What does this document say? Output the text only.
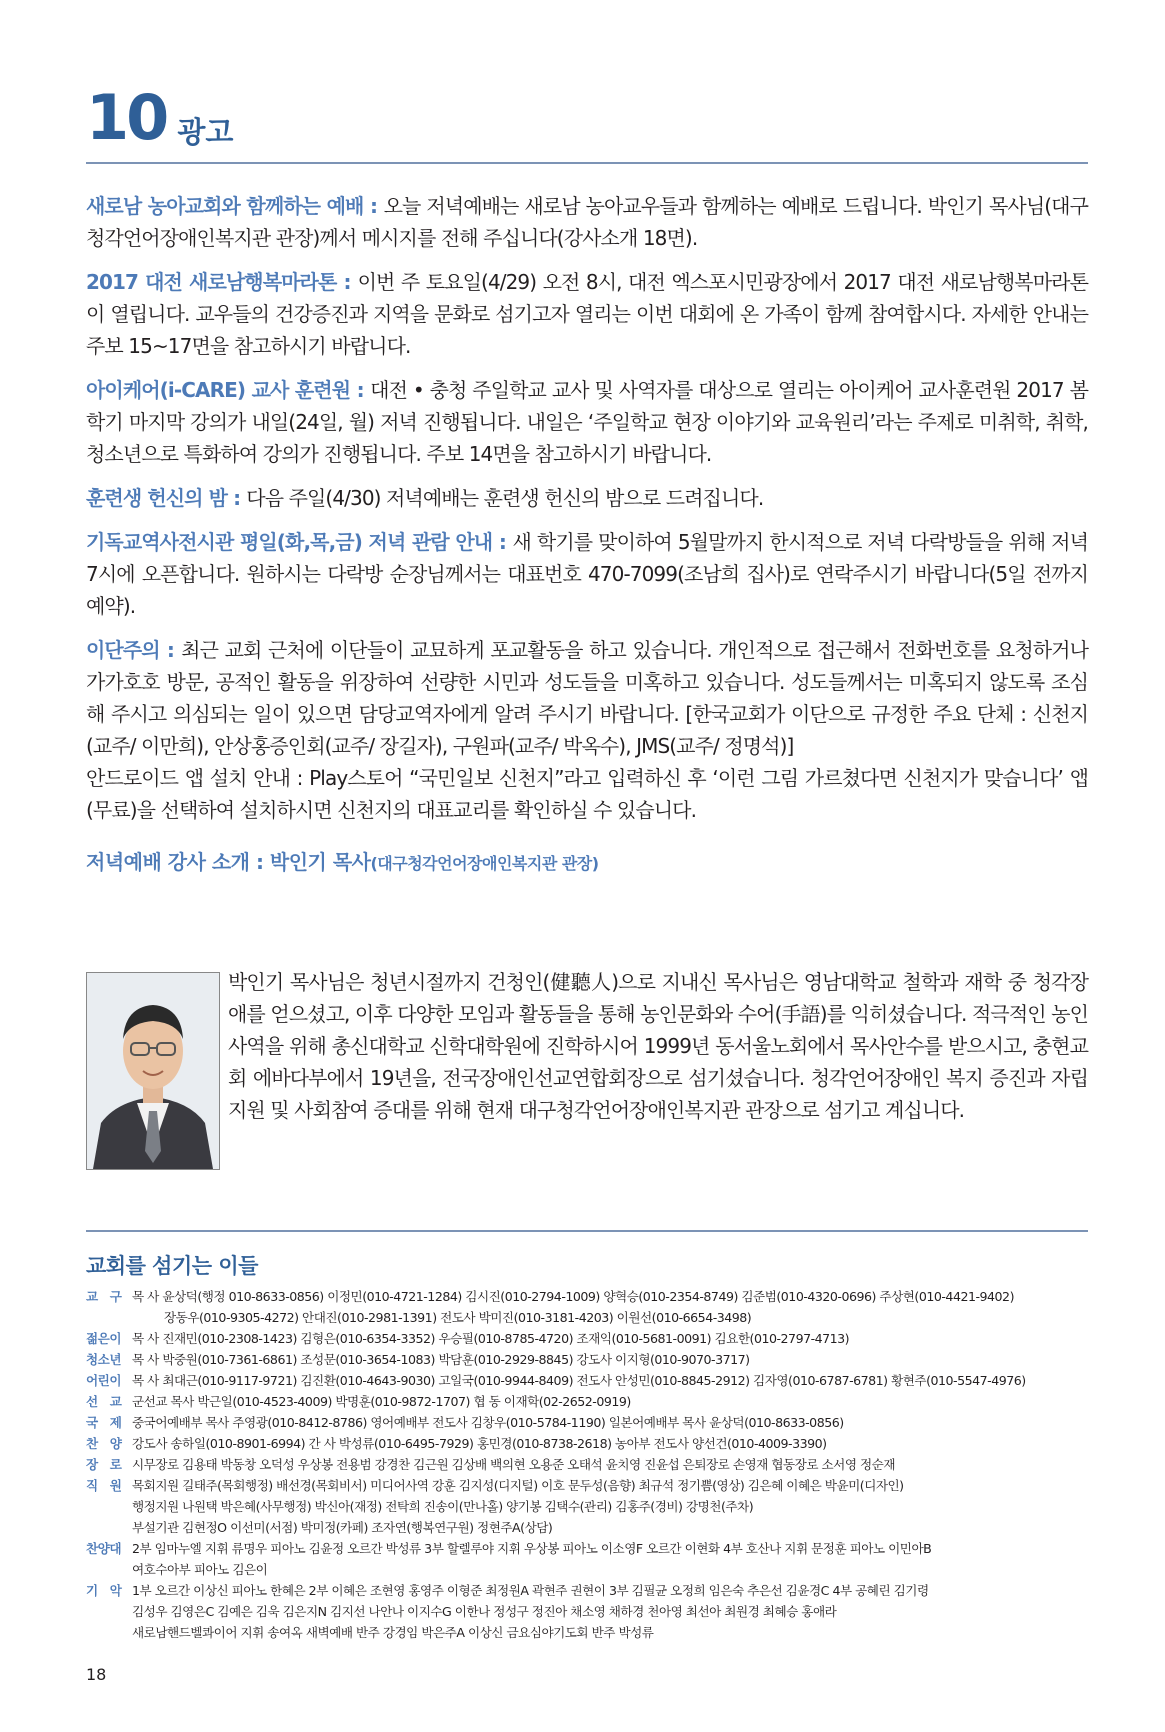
10 광고

새로남 농아교회와 함께하는 예배 : 오늘 저녁예배는 새로남 농아교우들과 함께하는 예배로 드립니다. 박인기 목사님(대구청각언어장애인복지관 관장)께서 메시지를 전해 주십니다(강사소개 18면).

2017 대전 새로남행복마라톤 : 이번 주 토요일(4/29) 오전 8시, 대전 엑스포시민광장에서 2017 대전 새로남행복마라톤이 열립니다. 교우들의 건강증진과 지역을 문화로 섬기고자 열리는 이번 대회에 온 가족이 함께 참여합시다. 자세한 안내는 주보 15~17면을 참고하시기 바랍니다.

아이케어(i-CARE) 교사 훈련원 : 대전 • 충청 주일학교 교사 및 사역자를 대상으로 열리는 아이케어 교사훈련원 2017 봄학기 마지막 강의가 내일(24일, 월) 저녁 진행됩니다. 내일은 ‘주일학교 현장 이야기와 교육원리’라는 주제로 미취학, 취학, 청소년으로 특화하여 강의가 진행됩니다. 주보 14면을 참고하시기 바랍니다.

훈련생 헌신의 밤 : 다음 주일(4/30) 저녁예배는 훈련생 헌신의 밤으로 드려집니다.

기독교역사전시관 평일(화,목,금) 저녁 관람 안내 : 새 학기를 맞이하여 5월말까지 한시적으로 저녁 다락방들을 위해 저녁 7시에 오픈합니다. 원하시는 다락방 순장님께서는 대표번호 470-7099(조남희 집사)로 연락주시기 바랍니다(5일 전까지 예약).

이단주의 : 최근 교회 근처에 이단들이 교묘하게 포교활동을 하고 있습니다. 개인적으로 접근해서 전화번호를 요청하거나 가가호호 방문, 공적인 활동을 위장하여 선량한 시민과 성도들을 미혹하고 있습니다. 성도들께서는 미혹되지 않도록 조심해 주시고 의심되는 일이 있으면 담당교역자에게 알려 주시기 바랍니다. [한국교회가 이단으로 규정한 주요 단체 : 신천지(교주/ 이만희), 안상홍증인회(교주/ 장길자), 구원파(교주/ 박옥수), JMS(교주/ 정명석)]

안드로이드 앱 설치 안내 : Play스토어 “국민일보 신천지”라고 입력하신 후 ‘이런 그림 가르쳤다면 신천지가 맞습니다’ 앱(무료)을 선택하여 설치하시면 신천지의 대표교리를 확인하실 수 있습니다.

저녁예배 강사 소개 : 박인기 목사(대구청각언어장애인복지관 관장)
박인기 목사님은 청년시절까지 건청인(健聽人)으로 지내신 목사님은 영남대학교 철학과 재학 중 청각장애를 얻으셨고, 이후 다양한 모임과 활동들을 통해 농인문화와 수어(手語)를 익히셨습니다. 적극적인 농인사역을 위해 총신대학교 신학대학원에 진학하시어 1999년 동서울노회에서 목사안수를 받으시고, 충현교회 에바다부에서 19년을, 전국장애인선교연합회장으로 섬기셨습니다. 청각언어장애인 복지 증진과 자립지원 및 사회참여 증대를 위해 현재 대구청각언어장애인복지관 관장으로 섬기고 계십니다.
교회를 섬기는 이들
교　구 목 사 윤상덕(행정 010-8633-0856) 이정민(010-4721-1284) 김시진(010-2794-1009) 양혁승(010-2354-8749) 김준범(010-4320-0696) 주상현(010-4421-9402)
장동우(010-9305-4272) 안대진(010-2981-1391) 전도사 박미진(010-3181-4203) 이원선(010-6654-3498)
젊은이 목 사 진재민(010-2308-1423) 김형은(010-6354-3352) 우승필(010-8785-4720) 조재익(010-5681-0091) 김요한(010-2797-4713)
청소년 목 사 박중원(010-7361-6861) 조성문(010-3654-1083) 박담훈(010-2929-8845) 강도사 이지형(010-9070-3717)
어린이 목 사 최대근(010-9117-9721) 김진환(010-4643-9030) 고일국(010-9944-8409) 전도사 안성민(010-8845-2912) 김자영(010-6787-6781) 황현주(010-5547-4976)
선　교 군선교 목사 박근일(010-4523-4009) 박명훈(010-9872-1707) 협 동 이재학(02-2652-0919)
국　제 중국어예배부 목사 주영광(010-8412-8786) 영어예배부 전도사 김창우(010-5784-1190) 일본어예배부 목사 윤상덕(010-8633-0856)
찬　양 강도사 송하일(010-8901-6994) 간 사 박성류(010-6495-7929) 홍민경(010-8738-2618) 농아부 전도사 양선건(010-4009-3390)
장　로 시무장로 김용태 박동창 오덕성 우상봉 전용범 강경찬 김근원 김상배 백의현 오용준 오태석 윤치영 진윤섭 은퇴장로 손영재 협동장로 소서영 정순재
직　원 목회지원 길태주(목회행정) 배선경(목회비서) 미디어사역 강훈 김지성(디지털) 이호 문두성(음향) 최규석 정기쁨(영상) 김은혜 이혜은 박윤미(디자인)
행정지원 나원택 박은혜(사무행정) 박신아(재정) 전탁희 진송이(만나홀) 양기봉 김택수(관리) 김홍주(경비) 강명천(주차)
부설기관 김현정O 이선미(서점) 박미정(카페) 조자연(행복연구원) 정현주A(상담)
찬양대 2부 임마누엘 지휘 류명우 피아노 김윤정 오르간 박성류 3부 할렐루야 지휘 우상봉 피아노 이소영F 오르간 이현화 4부 호산나 지휘 문정훈 피아노 이민아B
여호수아부 피아노 김은이
기　악 1부 오르간 이상신 피아노 한혜은 2부 이혜은 조현영 홍영주 이형준 최정원A 곽현주 권현이 3부 김필균 오정희 임은숙 추은선 김윤경C 4부 공혜린 김기령
김성우 김영은C 김예은 김욱 김은지N 김지선 나안나 이지수G 이한나 정성구 정진아 채소영 채하경 천아영 최선아 최원경 최혜승 홍애라
새로남핸드벨콰이어 지휘 송여옥 새벽예배 반주 강경임 박은주A 이상신 금요심야기도회 반주 박성류
18
